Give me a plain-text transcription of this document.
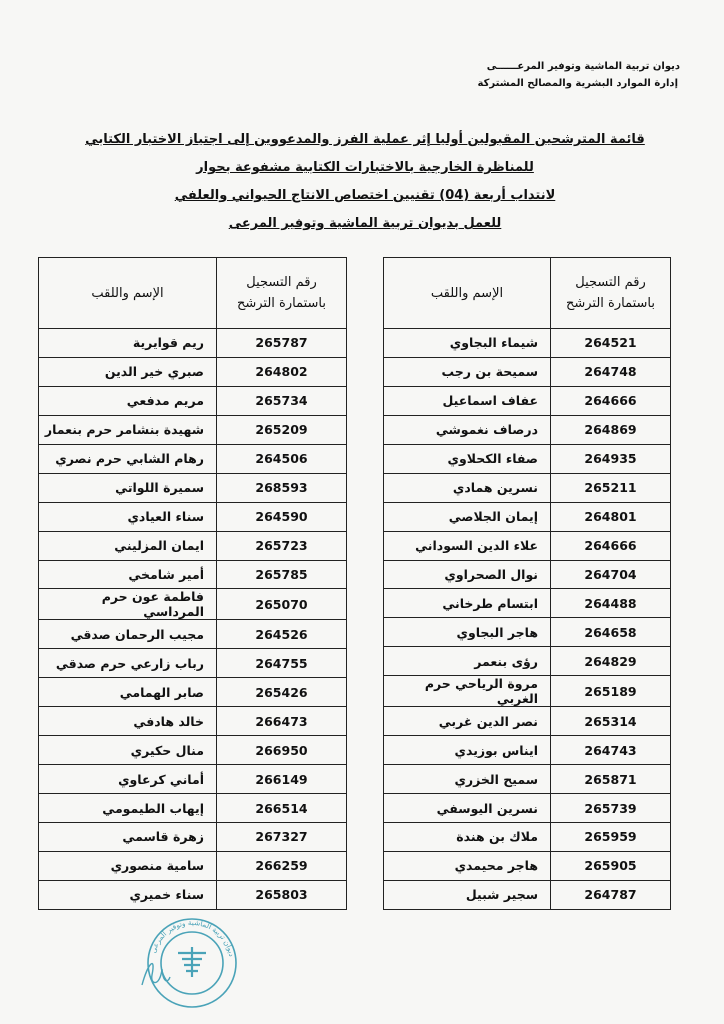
ديوان تربية الماشية وتوفير المرعــــــى
إدارة الموارد البشرية والمصالح المشتركة
قائمة المترشحين المقبولين أوليا إثر عملية الفرز والمدعووين إلى اجتياز الاختبار الكتابي
للمناظرة الخارجية بالاختبارات الكتابية مشفوعة بحوار
لانتداب أربعة (04) تقنيين اختصاص الانتاج الحيواني والعلفي
للعمل بديوان تربية الماشية وتوفير المرعى
رقم التسجيل
باستمارة الترشح	الإسم واللقب
264521	شيماء البجاوي
264748	سميحة بن رجب
264666	عفاف اسماعيل
264869	درصاف نغموشي
264935	صفاء الكحلاوي
265211	نسرين همادي
264801	إيمان الجلاصي
264666	علاء الدين السوداني
264704	نوال الصحراوي
264488	ابتسام طرخاني
264658	هاجر البجاوي
264829	رؤى بنعمر
265189	مروة الرياحي حرم الغربي
265314	نصر الدين غربي
264743	ايناس بوزيدي
265871	سميح الخزري
265739	نسرين اليوسفي
265959	ملاك بن هندة
265905	هاجر محيمدي
264787	سجير شبيل
رقم التسجيل
باستمارة الترشح	الإسم واللقب
265787	ريم قوايرية
264802	صبري خير الدين
265734	مريم مدفعي
265209	شهيدة بنشامر حرم بنعمار
264506	رهام الشابي حرم نصري
268593	سميرة اللواتي
264590	سناء العيادي
265723	ايمان المزليني
265785	أمير شامخي
265070	فاطمة عون حرم المرداسي
264526	مجيب الرحمان صدقي
264755	رباب زارعي حرم صدقي
265426	صابر الهمامي
266473	خالد هادفي
266950	منال حكيري
266149	أماني كرعاوي
266514	إيهاب الطيمومي
267327	زهرة قاسمي
266259	سامية منصوري
265803	سناء خميري
ديوان تربية الماشية وتوفير المرعى
